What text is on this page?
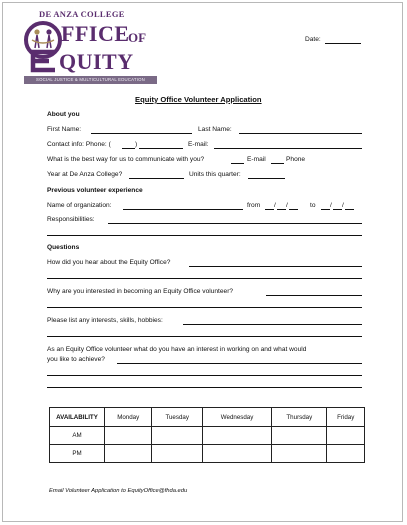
DE ANZA COLLEGE
FFICE
OF
QUITY
SOCIAL JUSTICE & MULTICULTURAL EDUCATION
Date:
Equity Office Volunteer Application
About you
First Name:	Last Name:
Contact info: Phone: (	)	E-mail:
What is the best way for us to communicate with you?	E-mail	Phone
Year at De Anza College?	Units this quarter:
Previous volunteer experience
Name of organization:	from / /	to / /
Responsibilities:
Questions
How did you hear about the Equity Office?
Why are you interested in becoming an Equity Office volunteer?
Please list any interests, skills, hobbies:
As an Equity Office volunteer what do you have an interest in working on and what would
you like to achieve?
AVAILABILITY	Monday	Tuesday	Wednesday	Thursday	Friday
AM					
PM					
Email Volunteer Application to EquityOffice@fhda.edu
